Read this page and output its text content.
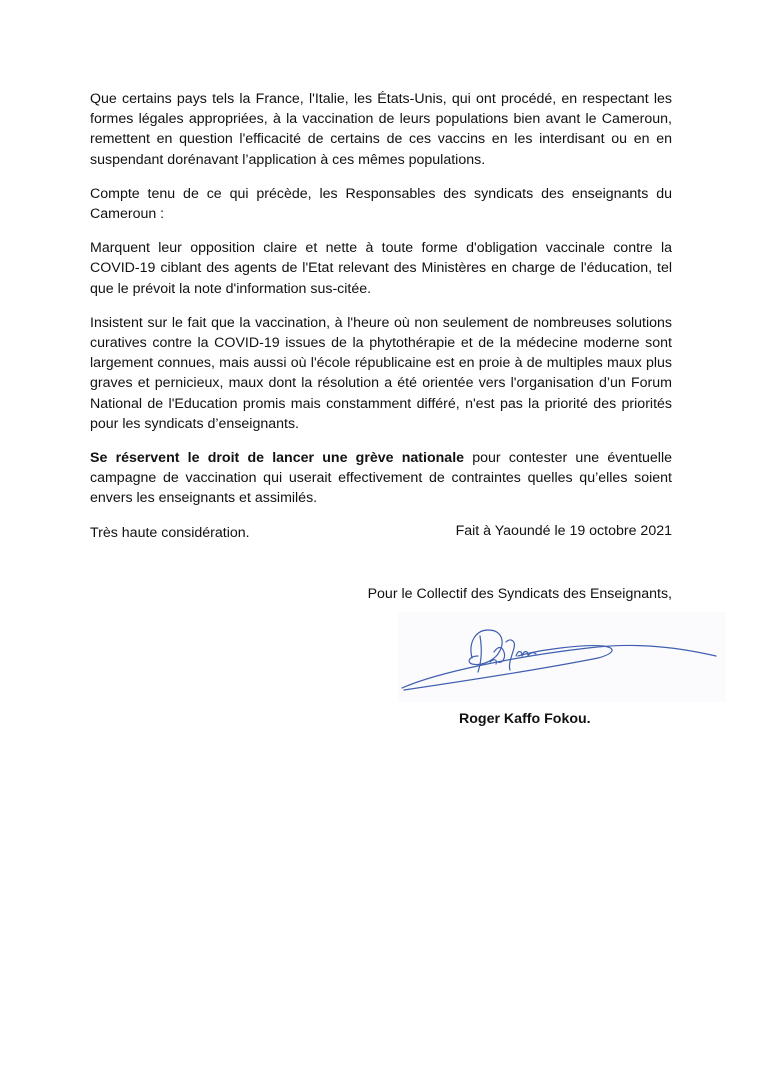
Que certains pays tels la France, l'Italie, les États-Unis, qui ont procédé, en respectant les formes légales appropriées, à la vaccination de leurs populations bien avant le Cameroun, remettent en question l'efficacité de certains de ces vaccins en les interdisant ou en en suspendant dorénavant l’application à ces mêmes populations.

Compte tenu de ce qui précède, les Responsables des syndicats des enseignants du Cameroun :

Marquent leur opposition claire et nette à toute forme d'obligation vaccinale contre la COVID-19 ciblant des agents de l'Etat relevant des Ministères en charge de l'éducation, tel que le prévoit la note d'information sus-citée.

Insistent sur le fait que la vaccination, à l'heure où non seulement de nombreuses solutions curatives contre la COVID-19 issues de la phytothérapie et de la médecine moderne sont largement connues, mais aussi où l'école républicaine est en proie à de multiples maux plus graves et pernicieux, maux dont la résolution a été orientée vers l'organisation d’un Forum National de l'Education promis mais constamment différé, n'est pas la priorité des priorités pour les syndicats d’enseignants.

Se réservent le droit de lancer une grève nationale pour contester une éventuelle campagne de vaccination qui userait effectivement de contraintes quelles qu’elles soient envers les enseignants et assimilés.

Très haute considération.	Fait à Yaoundé le 19 octobre 2021
Pour le Collectif des Syndicats des Enseignants,
Roger Kaffo Fokou.
